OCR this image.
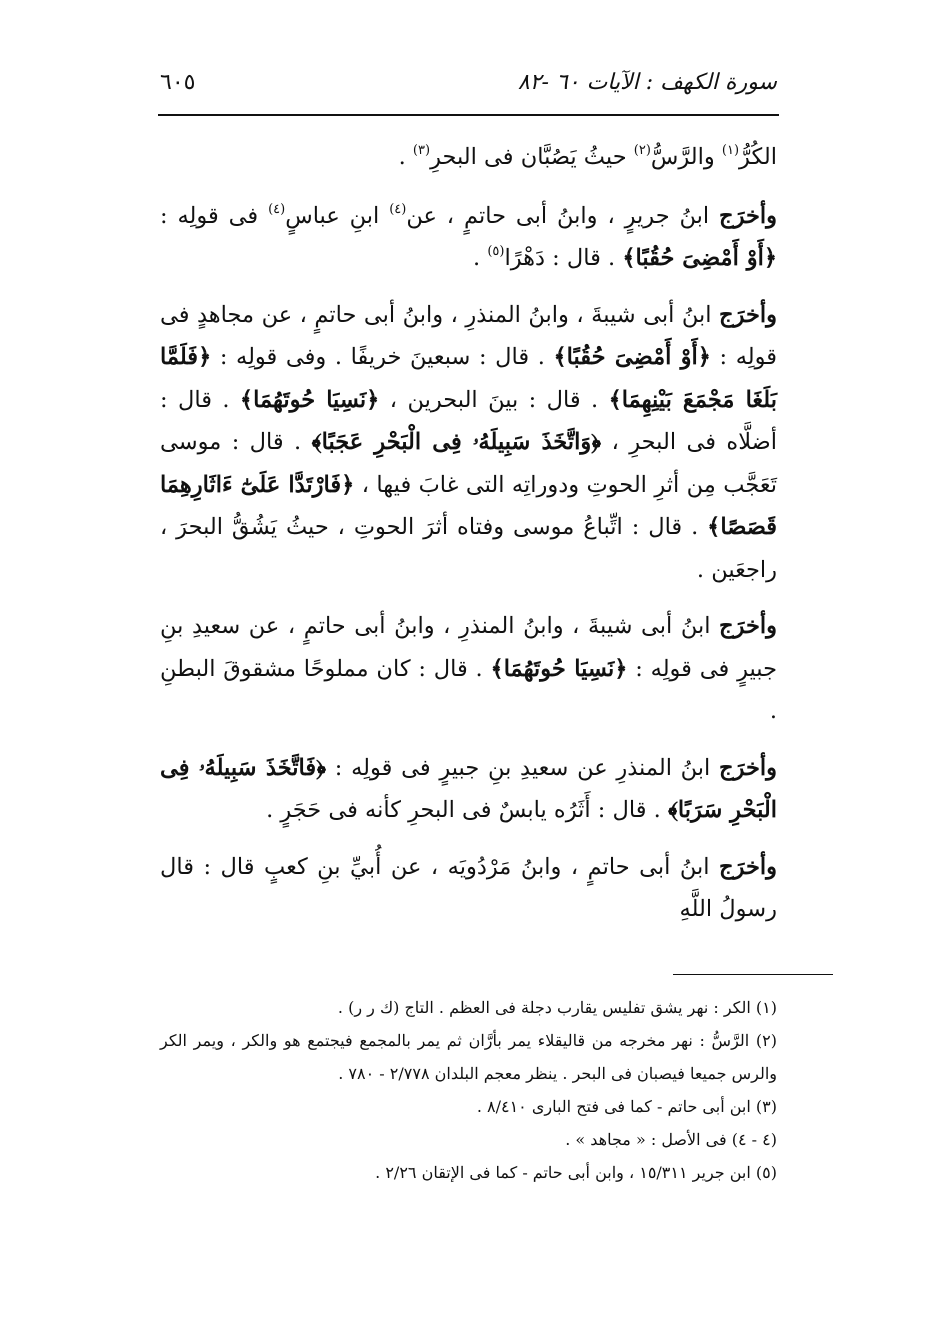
سورة الكهف : الآيات ٦٠ -٨٢
٦٠٥

الكُرُّ$^{(١)}$ والرَّسُّ$^{(٢)}$ حيثُ يَصُبَّان فى البحرِ$^{(٣)}$ .

وأخرَج ابنُ جريرٍ ، وابنُ أبى حاتمٍ ، عن$^{(٤)}$ ابنِ عباسٍ$^{(٤)}$ فى قولِه : ﴿أَوْ أَمْضِىَ حُقُبًا﴾ . قال : دَهْرًا$^{(٥)}$ .

وأخرَج ابنُ أبى شيبةَ ، وابنُ المنذرِ ، وابنُ أبى حاتمٍ ، عن مجاهدٍ فى قولِه : ﴿أَوْ أَمْضِىَ حُقُبًا﴾ . قال : سبعينَ خريفًا . وفى قولِه : ﴿فَلَمَّا بَلَغَا مَجْمَعَ بَيْنِهِمَا﴾ . قال : بينَ البحرين ، ﴿نَسِيَا حُوتَهُمَا﴾ . قال : أضلَّاه فى البحرِ ، ﴿وَاتَّخَذَ سَبِيلَهُۥ فِى الْبَحْرِ عَجَبًا﴾ . قال : موسى تَعَجَّب مِن أثرِ الحوتِ ودوراتِه التى غابَ فيها ، ﴿فَارْتَدَّا عَلَىٰٓ ءَاثَارِهِمَا قَصَصًا﴾ . قال : اتِّباعُ موسى وفتاه أثرَ الحوتِ ، حيثُ يَشُقُّ البحرَ ، راجعَين .

وأخرَج ابنُ أبى شيبةَ ، وابنُ المنذرِ ، وابنُ أبى حاتمٍ ، عن سعيدِ بنِ جبيرٍ فى قولِه : ﴿نَسِيَا حُوتَهُمَا﴾ . قال : كان مملوحًا مشقوقَ البطنِ .

وأخرَج ابنُ المنذرِ عن سعيدِ بنِ جبيرٍ فى قولِه : ﴿فَاتَّخَذَ سَبِيلَهُۥ فِى الْبَحْرِ سَرَبًا﴾ . قال : أَثَرُه يابسٌ فى البحرِ كأنه فى حَجَرٍ .

وأخرَج ابنُ أبى حاتمٍ ، وابنُ مَرْدُويَه ، عن أُبيِّ بنِ كعبٍ قال : قال رسولُ اللَّهِ

(١) الكر : نهر يشق تفليس يقارب دجلة فى العظم . التاج (ك ر ر) .

(٢) الرَّسُّ : نهر مخرجه من قاليقلاء يمر بأرَّان ثم يمر بالمجمع فيجتمع هو والكر ، ويمر الكر والرس جميعا فيصبان فى البحر . ينظر معجم البلدان ٢/٧٧٨ - ٧٨٠ .

(٣) ابن أبى حاتم - كما فى فتح البارى ٨/٤١٠ .

(٤ - ٤) فى الأصل : « مجاهد » .

(٥) ابن جرير ١٥/٣١١ ، وابن أبى حاتم - كما فى الإتقان ٢/٢٦ .
